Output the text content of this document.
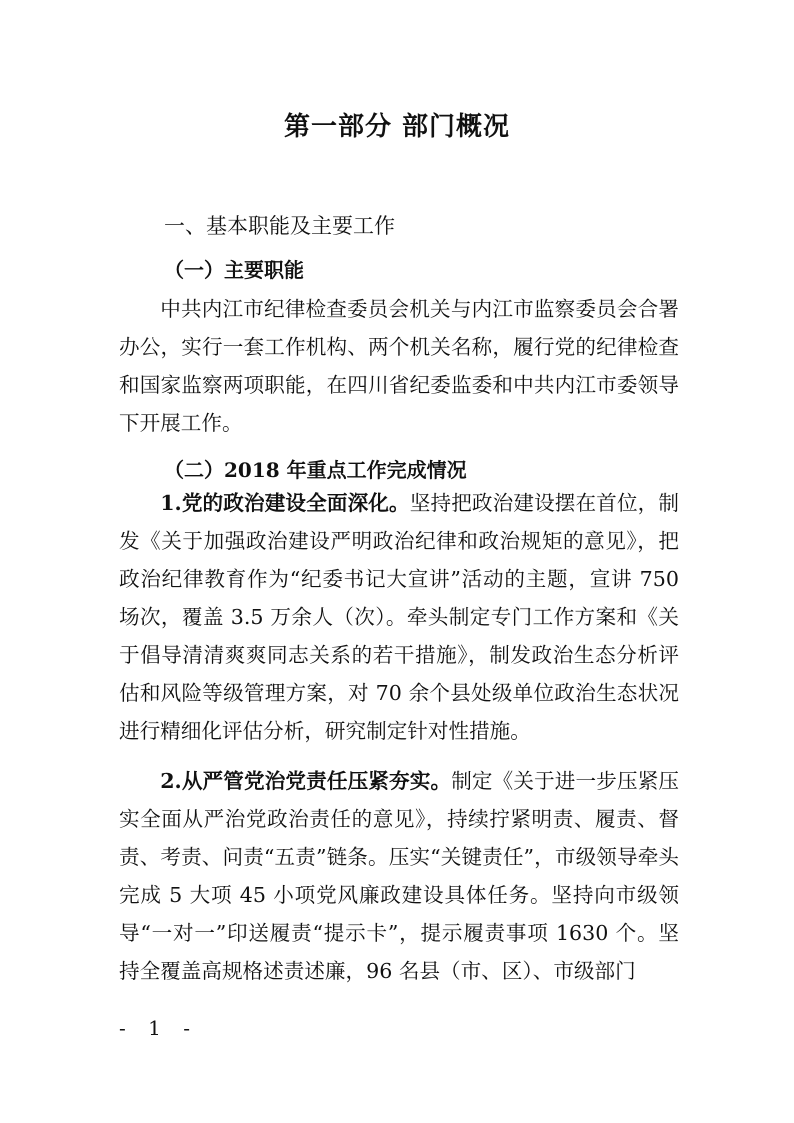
第一部分 部门概况
一、基本职能及主要工作
（一）主要职能
中共内江市纪律检查委员会机关与内江市监察委员会合署办公，实行一套工作机构、两个机关名称，履行党的纪律检查和国家监察两项职能，在四川省纪委监委和中共内江市委领导下开展工作。
（二）2018 年重点工作完成情况
1.党的政治建设全面深化。坚持把政治建设摆在首位，制发《关于加强政治建设严明政治纪律和政治规矩的意见》，把政治纪律教育作为“纪委书记大宣讲”活动的主题，宣讲 750 场次，覆盖 3.5 万余人（次）。牵头制定专门工作方案和《关于倡导清清爽爽同志关系的若干措施》，制发政治生态分析评估和风险等级管理方案，对 70 余个县处级单位政治生态状况进行精细化评估分析，研究制定针对性措施。
2.从严管党治党责任压紧夯实。制定《关于进一步压紧压实全面从严治党政治责任的意见》，持续拧紧明责、履责、督责、考责、问责“五责”链条。压实“关键责任”，市级领导牵头完成 5 大项 45 小项党风廉政建设具体任务。坚持向市级领导“一对一”印送履责“提示卡”，提示履责事项 1630 个。坚持全覆盖高规格述责述廉，96 名县（市、区）、市级部门
- 1 -
